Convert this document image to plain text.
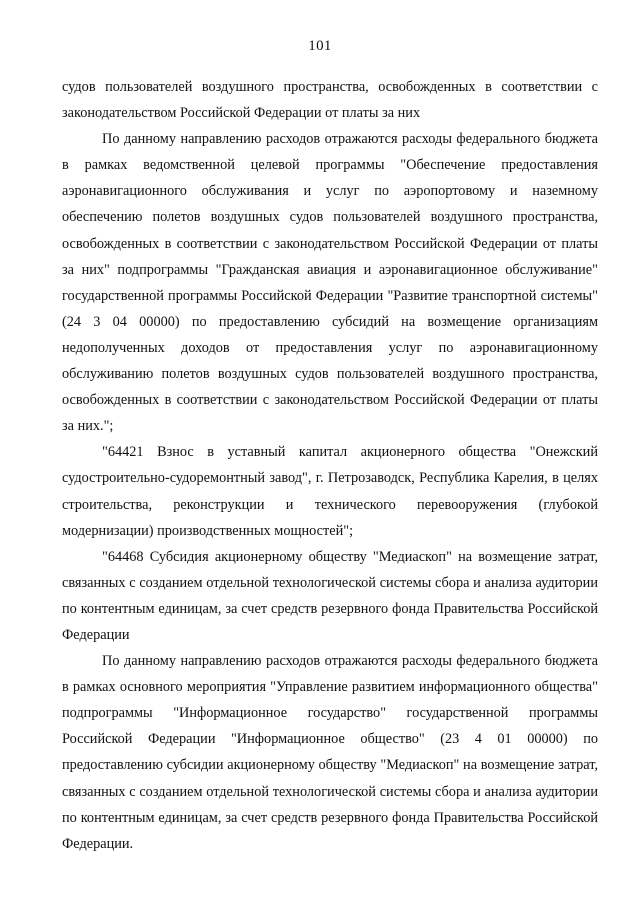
101

судов пользователей воздушного пространства, освобожденных в соответствии с законодательством Российской Федерации от платы за них

По данному направлению расходов отражаются расходы федерального бюджета в рамках ведомственной целевой программы "Обеспечение предоставления аэронавигационного обслуживания и услуг по аэропортовому и наземному обеспечению полетов воздушных судов пользователей воздушного пространства, освобожденных в соответствии с законодательством Российской Федерации от платы за них" подпрограммы "Гражданская авиация и аэронавигационное обслуживание" государственной программы Российской Федерации "Развитие транспортной системы" (24 3 04 00000) по предоставлению субсидий на возмещение организациям недополученных доходов от предоставления услуг по аэронавигационному обслуживанию полетов воздушных судов пользователей воздушного пространства, освобожденных в соответствии с законодательством Российской Федерации от платы за них.";

"64421 Взнос в уставный капитал акционерного общества "Онежский судостроительно-судоремонтный завод", г. Петрозаводск, Республика Карелия, в целях строительства, реконструкции и технического перевооружения (глубокой модернизации) производственных мощностей";

"64468 Субсидия акционерному обществу "Медиаскоп" на возмещение затрат, связанных с созданием отдельной технологической системы сбора и анализа аудитории по контентным единицам, за счет средств резервного фонда Правительства Российской Федерации

По данному направлению расходов отражаются расходы федерального бюджета в рамках основного мероприятия "Управление развитием информационного общества" подпрограммы "Информационное государство" государственной программы Российской Федерации "Информационное общество" (23 4 01 00000) по предоставлению субсидии акционерному обществу "Медиаскоп" на возмещение затрат, связанных с созданием отдельной технологической системы сбора и анализа аудитории по контентным единицам, за счет средств резервного фонда Правительства Российской Федерации.
